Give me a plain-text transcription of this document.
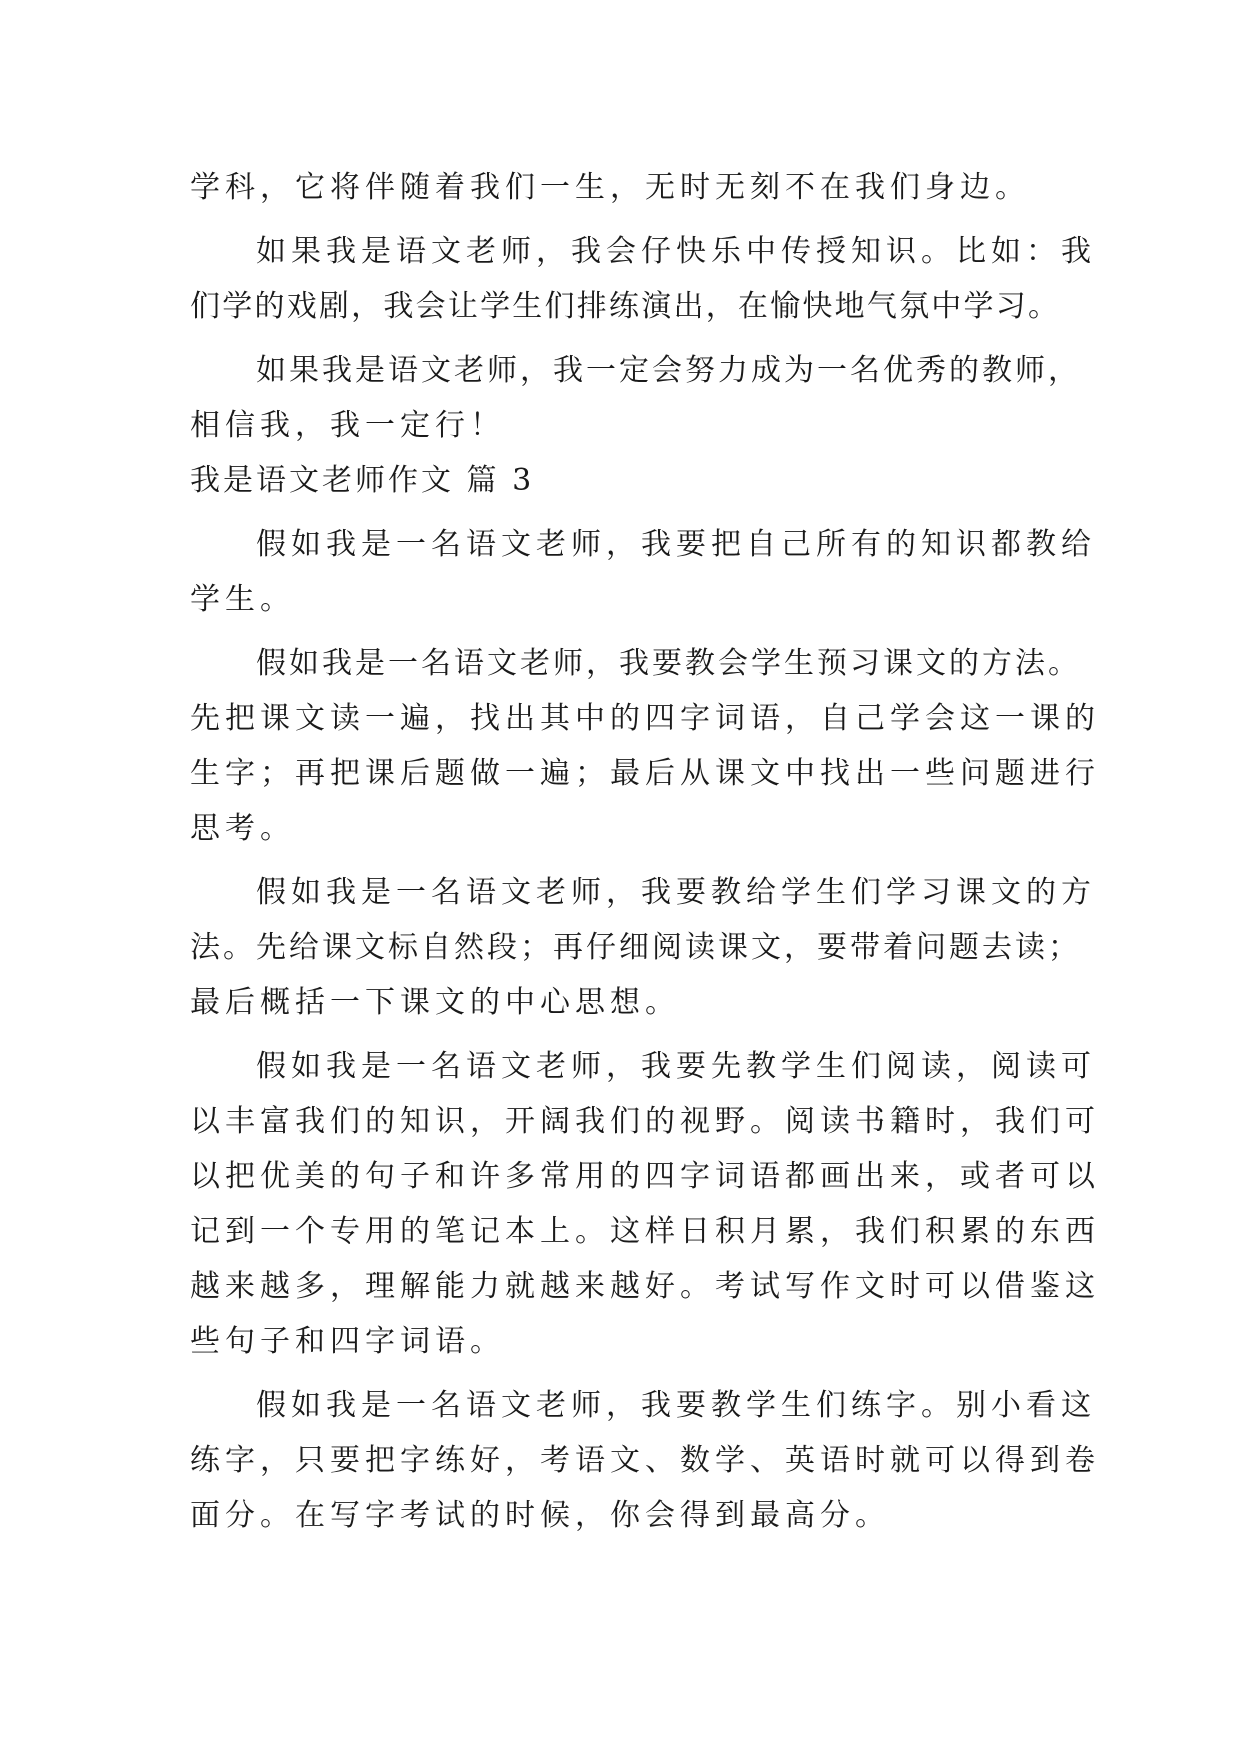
学科，它将伴随着我们一生，无时无刻不在我们身边。
如果我是语文老师，我会仔快乐中传授知识。比如：我
们学的戏剧，我会让学生们排练演出，在愉快地气氛中学习。
如果我是语文老师，我一定会努力成为一名优秀的教师，
相信我，我一定行！
我是语文老师作文 篇 3
假如我是一名语文老师，我要把自己所有的知识都教给
学生。
假如我是一名语文老师，我要教会学生预习课文的方法。
先把课文读一遍，找出其中的四字词语，自己学会这一课的
生字；再把课后题做一遍；最后从课文中找出一些问题进行
思考。
假如我是一名语文老师，我要教给学生们学习课文的方
法。先给课文标自然段；再仔细阅读课文，要带着问题去读；
最后概括一下课文的中心思想。
假如我是一名语文老师，我要先教学生们阅读，阅读可
以丰富我们的知识，开阔我们的视野。阅读书籍时，我们可
以把优美的句子和许多常用的四字词语都画出来，或者可以
记到一个专用的笔记本上。这样日积月累，我们积累的东西
越来越多，理解能力就越来越好。考试写作文时可以借鉴这
些句子和四字词语。
假如我是一名语文老师，我要教学生们练字。别小看这
练字，只要把字练好，考语文、数学、英语时就可以得到卷
面分。在写字考试的时候，你会得到最高分。
